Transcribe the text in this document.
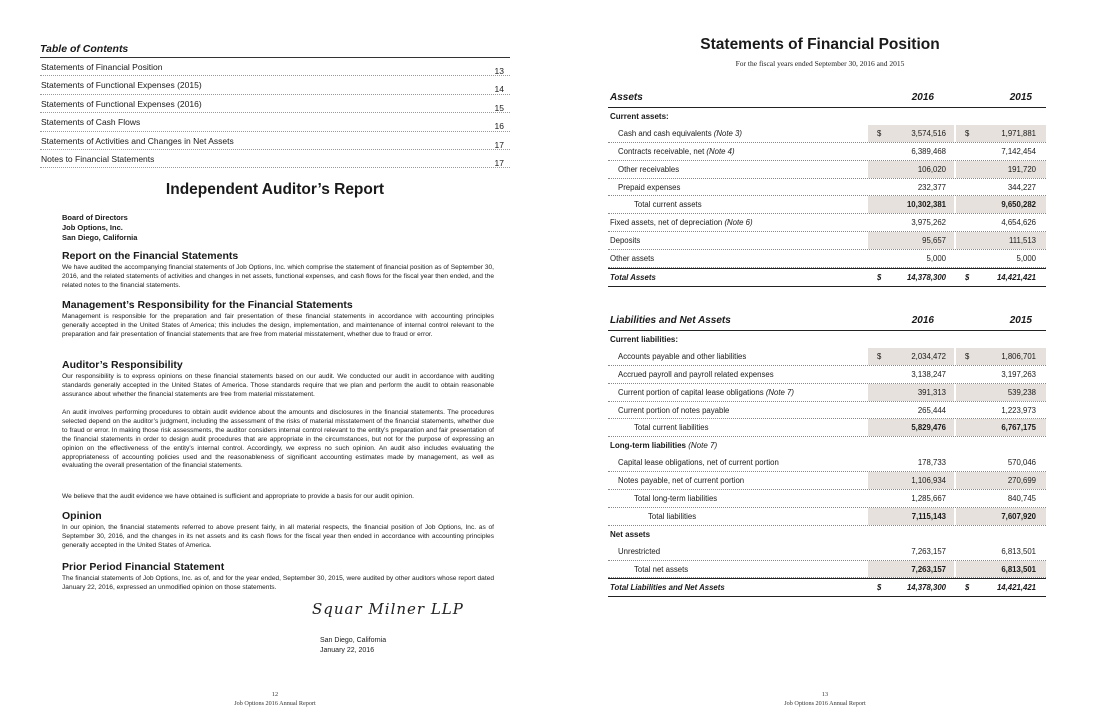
Table of Contents
Statements of Financial Position	13
Statements of Functional Expenses (2015)	14
Statements of Functional Expenses (2016)	15
Statements of Cash Flows	16
Statements of Activities and Changes in Net Assets	17
Notes to Financial Statements	17
Independent Auditor’s Report
Board of Directors
Job Options, Inc.
San Diego, California
Report on the Financial Statements
We have audited the accompanying financial statements of Job Options, Inc. which comprise the statement of financial position as of September 30, 2016, and the related statements of activities and changes in net assets, functional expenses, and cash flows for the fiscal year then ended, and the related notes to the financial statements.
Management’s Responsibility for the Financial Statements
Management is responsible for the preparation and fair presentation of these financial statements in accordance with accounting principles generally accepted in the United States of America; this includes the design, implementation, and maintenance of internal control relevant to the preparation and fair presentation of financial statements that are free from material misstatement, whether due to fraud or error.
Auditor’s Responsibility
Our responsibility is to express opinions on these financial statements based on our audit. We conducted our audit in accordance with auditing standards generally accepted in the United States of America. Those standards require that we plan and perform the audit to obtain reasonable assurance about whether the financial statements are free from material misstatement.
An audit involves performing procedures to obtain audit evidence about the amounts and disclosures in the financial statements. The procedures selected depend on the auditor’s judgment, including the assessment of the risks of material misstatement of the financial statements, whether due to fraud or error. In making those risk assessments, the auditor considers internal control relevant to the entity’s preparation and fair presentation of the financial statements in order to design audit procedures that are appropriate in the circumstances, but not for the purpose of expressing an opinion on the effectiveness of the entity’s internal control. Accordingly, we express no such opinion. An audit also includes evaluating the appropriateness of accounting policies used and the reasonableness of significant accounting estimates made by management, as well as evaluating the overall presentation of the financial statements.
We believe that the audit evidence we have obtained is sufficient and appropriate to provide a basis for our audit opinion.
Opinion
In our opinion, the financial statements referred to above present fairly, in all material respects, the financial position of Job Options, Inc. as of September 30, 2016, and the changes in its net assets and its cash flows for the fiscal year then ended in accordance with accounting principles generally accepted in the United States of America.
Prior Period Financial Statement
The financial statements of Job Options, Inc. as of, and for the year ended, September 30, 2015, were audited by other auditors whose report dated January 22, 2016, expressed an unmodified opinion on those statements.
Squar Milner LLP
San Diego, California
January 22, 2016
12
Job Options 2016 Annual Report
Statements of Financial Position
For the fiscal years ended September 30, 2016 and 2015
Assets	2016	2015
Current assets:
Cash and cash equivalents (Note 3)	$	3,574,516 $	1,971,881
Contracts receivable, net (Note 4)	6,389,468	7,142,454
Other receivables	106,020	191,720
Prepaid expenses	232,377	344,227
Total current assets	10,302,381	9,650,282
Fixed assets, net of depreciation (Note 6)	3,975,262	4,654,626
Deposits	95,657	111,513
Other assets	5,000	5,000
Total Assets	$	14,378,300 $	14,421,421
Liabilities and Net Assets	2016	2015
Current liabilities:
Accounts payable and other liabilities	$	2,034,472 $	1,806,701
Accrued payroll and payroll related expenses	3,138,247	3,197,263
Current portion of capital lease obligations (Note 7)	391,313	539,238
Current portion of notes payable	265,444	1,223,973
Total current liabilities	5,829,476	6,767,175
Long-term liabilities (Note 7)
Capital lease obligations, net of current portion	178,733	570,046
Notes payable, net of current portion	1,106,934	270,699
Total long-term liabilities	1,285,667	840,745
Total liabilities	7,115,143	7,607,920
Net assets
Unrestricted	7,263,157	6,813,501
Total net assets	7,263,157	6,813,501
Total Liabilities and Net Assets	$	14,378,300 $	14,421,421
13
Job Options 2016 Annual Report
